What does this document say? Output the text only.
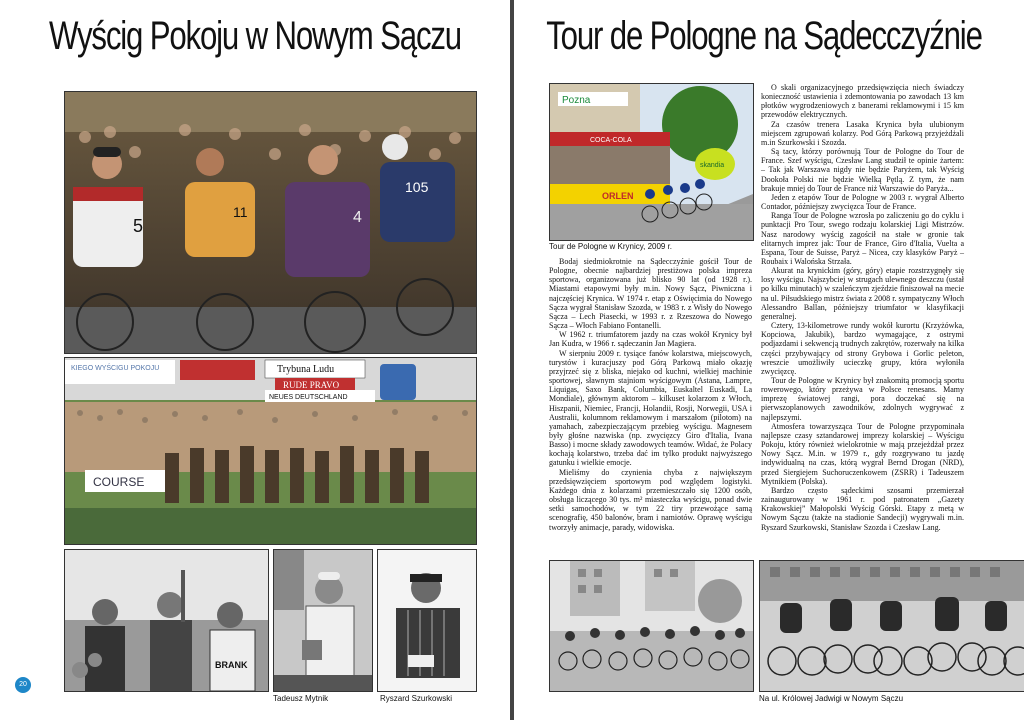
Wyścig Pokoju w Nowym Sączu
5
11	4
105
KIEGO WYŚCIGU POKOJU	Trybuna Ludu
RUDE PRAVO
NEUES DEUTSCHLAND
COURSE
BRANK
Tadeusz Mytnik	Ryszard Szurkowski
20
Tour de Pologne na Sądecczyźnie
Pozna
COCA-COLA
ORLEN
skandia
Tour de Pologne w Krynicy, 2009 r.

Bodaj siedmiokrotnie na Sądecczyźnie gościł Tour de Pologne, obecnie najbardziej prestiżowa polska impreza sportowa, organizowana już blisko 90 lat (od 1928 r.). Miastami etapowymi były m.in. Nowy Sącz, Piwniczna i najczęściej Krynica. W 1974 r. etap z Oświęcimia do Nowego Sącza wygrał Stanisław Szozda, w 1983 r. z Wisły do Nowego Sącza – Lech Piasecki, w 1993 r. z Rzeszowa do Nowego Sącza – Włoch Fabiano Fontanelli.

W 1962 r. triumfatorem jazdy na czas wokół Krynicy był Jan Kudra, w 1966 r. sądeczanin Jan Magiera.

W sierpniu 2009 r. tysiące fanów kolarstwa, miejscowych, turystów i kuracjuszy pod Górą Parkową miało okazję przyjrzeć się z bliska, niejako od kuchni, wielkiej machinie sportowej, sławnym stajniom wyścigowym (Astana, Lampre, Liquigas, Saxo Bank, Columbia, Euskaltel Euskadi, La Mondiale), głównym aktorom – kilkuset kolarzom z Włoch, Hiszpanii, Niemiec, Francji, Holandii, Rosji, Norwegii, USA i Australii, kolumnom reklamowym i marszałom (pilotom) na yamahach, zabezpieczającym przebieg wyścigu. Magnesem były głośne nazwiska (np. zwycięzcy Giro d'Italia, Ivana Basso) i mocne składy zawodowych teamów. Widać, że Polacy kochają kolarstwo, trzeba dać im tylko produkt najwyższego gatunku i wielkie emocje.

Mieliśmy do czynienia chyba z największym przedsięwzięciem sportowym pod względem logistyki. Każdego dnia z kolarzami przemieszczało się 1200 osób, obsługa liczącego 30 tys. m² miasteczka wyścigu, ponad dwie setki samochodów, w tym 22 tiry przewożące samą scenografię, 450 balonów, bram i namiotów. Oprawę wyścigu tworzyły animacje, parady, widowiska.

O skali organizacyjnego przedsięwzięcia niech świadczy konieczność ustawienia i zdemontowania po zawodach 13 km płotków wygrodzeniowych z banerami reklamowymi i 15 km przewodów elektrycznych.

Za czasów trenera Lasaka Krynica była ulubionym miejscem zgrupowań kolarzy. Pod Górą Parkową przyjeżdżali m.in Szurkowski i Szozda.

Są tacy, którzy porównują Tour de Pologne do Tour de France. Szef wyścigu, Czesław Lang studził te opinie żartem: – Tak jak Warszawa nigdy nie będzie Paryżem, tak Wyścig Dookoła Polski nie będzie Wielką Pętlą. Z tym, że nam brakuje mniej do Tour de France niż Warszawie do Paryża...

Jeden z etapów Tour de Pologne w 2003 r. wygrał Alberto Contador, późniejszy zwycięzca Tour de France.

Ranga Tour de Pologne wzrosła po zaliczeniu go do cyklu i punktacji Pro Tour, swego rodzaju kolarskiej Ligi Mistrzów. Nasz narodowy wyścig zagościł na stałe w gronie tak elitarnych imprez jak: Tour de France, Giro d'Italia, Vuelta a Espana, Tour de Suisse, Paryż – Nicea, czy klasyków Paryż – Roubaix i Walońska Strzała.

Akurat na krynickim (góry, góry) etapie rozstrzygnęły się losy wyścigu. Najszybciej w strugach ulewnego deszczu (ustał po kilku minutach) w szaleńczym zjeździe finiszował na mecie na ul. Piłsudskiego mistrz świata z 2008 r. sympatyczny Włoch Alessandro Ballan, późniejszy triumfator w klasyfikacji generalnej.

Cztery, 13-kilometrowe rundy wokół kurortu (Krzyżówka, Kopciowa, Jakubik), bardzo wymagające, z ostrymi podjazdami i sekwencją trudnych zakrętów, rozerwały na kilka części przybywający od strony Grybowa i Gorlic peleton, wreszcie umożliwiły ucieczkę grupy, która wyłoniła zwycięzcę.

Tour de Pologne w Krynicy był znakomitą promocją sportu rowerowego, który przeżywa w Polsce renesans. Mamy imprezę światowej rangi, pora doczekać się na pierwszoplanowych zawodników, zdolnych wygrywać z najlepszymi.

Atmosfera towarzysząca Tour de Pologne przypominała najlepsze czasy sztandarowej imprezy kolarskiej – Wyścigu Pokoju, który również wielokrotnie w mają przejeżdżał przez Nowy Sącz. M.in. w 1979 r., gdy rozgrywano tu jazdę indywidualną na czas, którą wygrał Bernd Drogan (NRD), przed Siergiejem Suchoruczenkowem (ZSRR) i Tadeuszem Mytnikiem (Polska).

Bardzo często sądeckimi szosami przemierzał zainaugurowany w 1961 r. pod patronatem „Gazety Krakowskiej” Małopolski Wyścig Górski. Etapy z metą w Nowym Sączu (także na stadionie Sandecji) wygrywali m.in. Ryszard Szurkowski, Stanisław Szozda i Czesław Lang.

Na ul. Królowej Jadwigi w Nowym Sączu
